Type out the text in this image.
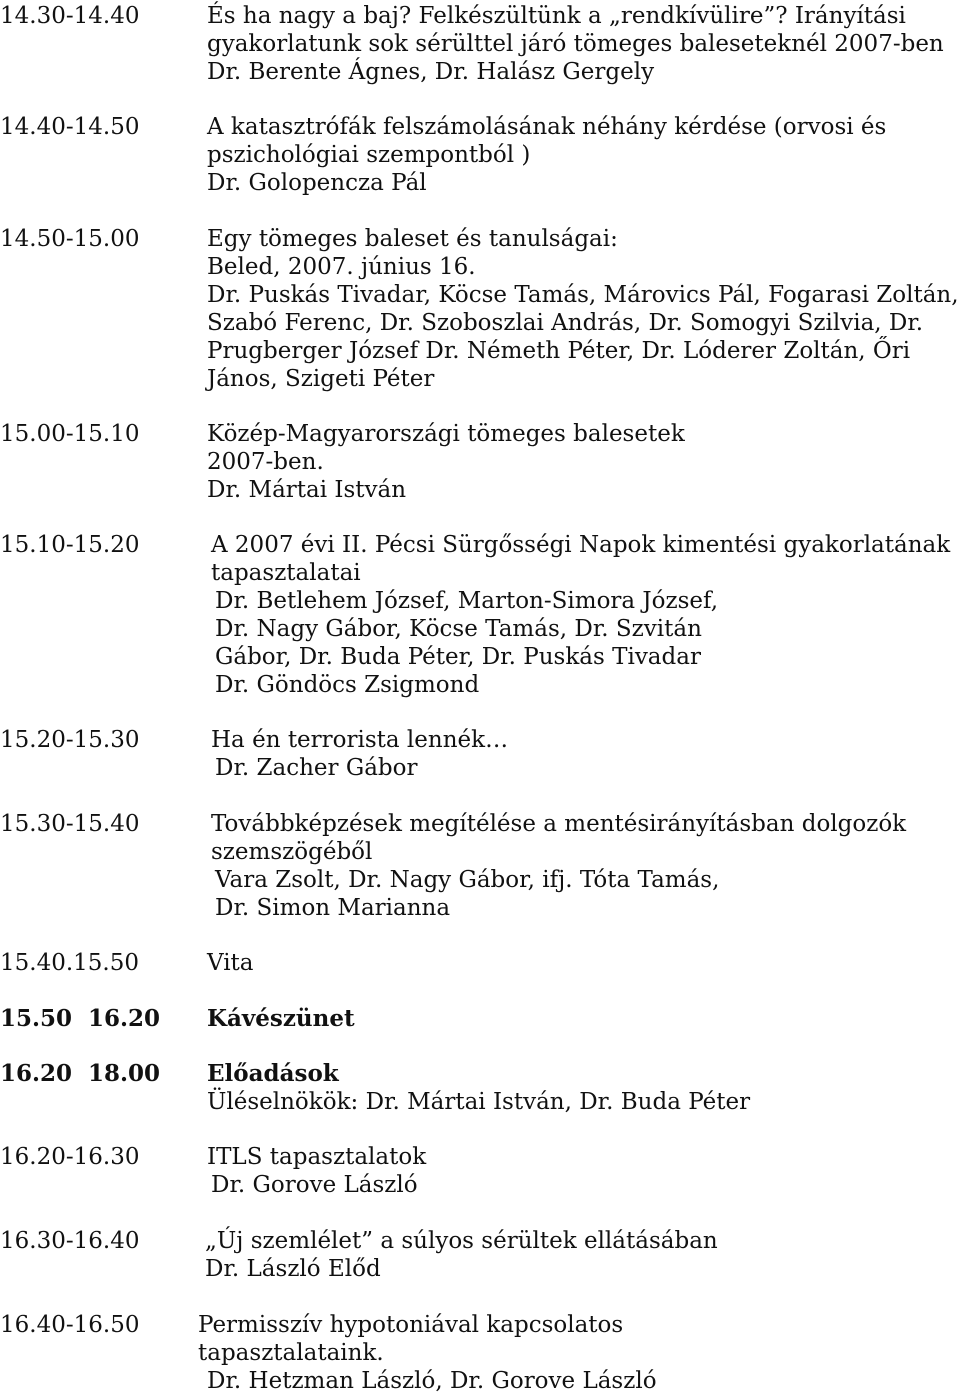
14.30-14.40	És ha nagy a baj? Felkészültünk a „rendkívülire”? Irányítási
gyakorlatunk sok sérülttel járó tömeges baleseteknél 2007-ben
Dr. Berente Ágnes, Dr. Halász Gergely
14.40-14.50	A katasztrófák felszámolásának néhány kérdése (orvosi és
pszichológiai szempontból )
Dr. Golopencza Pál
14.50-15.00	Egy tömeges baleset és tanulságai:
Beled, 2007. június 16.
Dr. Puskás Tivadar, Köcse Tamás, Márovics Pál, Fogarasi Zoltán,
Szabó Ferenc, Dr. Szoboszlai András, Dr. Somogyi Szilvia, Dr.
Prugberger József Dr. Németh Péter, Dr. Lóderer Zoltán, Őri
János, Szigeti Péter
15.00-15.10	Közép-Magyarországi tömeges balesetek
2007-ben.
Dr. Mártai István
15.10-15.20	A 2007 évi II. Pécsi Sürgősségi Napok kimentési gyakorlatának
tapasztalatai
Dr. Betlehem József, Marton-Simora József,
Dr. Nagy Gábor, Köcse Tamás, Dr. Szvitán
Gábor, Dr. Buda Péter, Dr. Puskás Tivadar
Dr. Göndöcs Zsigmond
15.20-15.30	Ha én terrorista lennék…
Dr. Zacher Gábor
15.30-15.40	Továbbképzések megítélése a mentésirányításban dolgozók
szemszögéből
Vara Zsolt, Dr. Nagy Gábor, ifj. Tóta Tamás,
Dr. Simon Marianna
15.40.15.50	Vita
15.50  16.20 Kávészünet
16.20  18.00 Előadások
Üléselnökök: Dr. Mártai István, Dr. Buda Péter
16.20-16.30	ITLS tapasztalatok
Dr. Gorove László
16.30-16.40	„Új szemlélet” a súlyos sérültek ellátásában
Dr. László Előd
16.40-16.50	Permisszív hypotoniával kapcsolatos
tapasztalataink.
Dr. Hetzman László, Dr. Gorove László
